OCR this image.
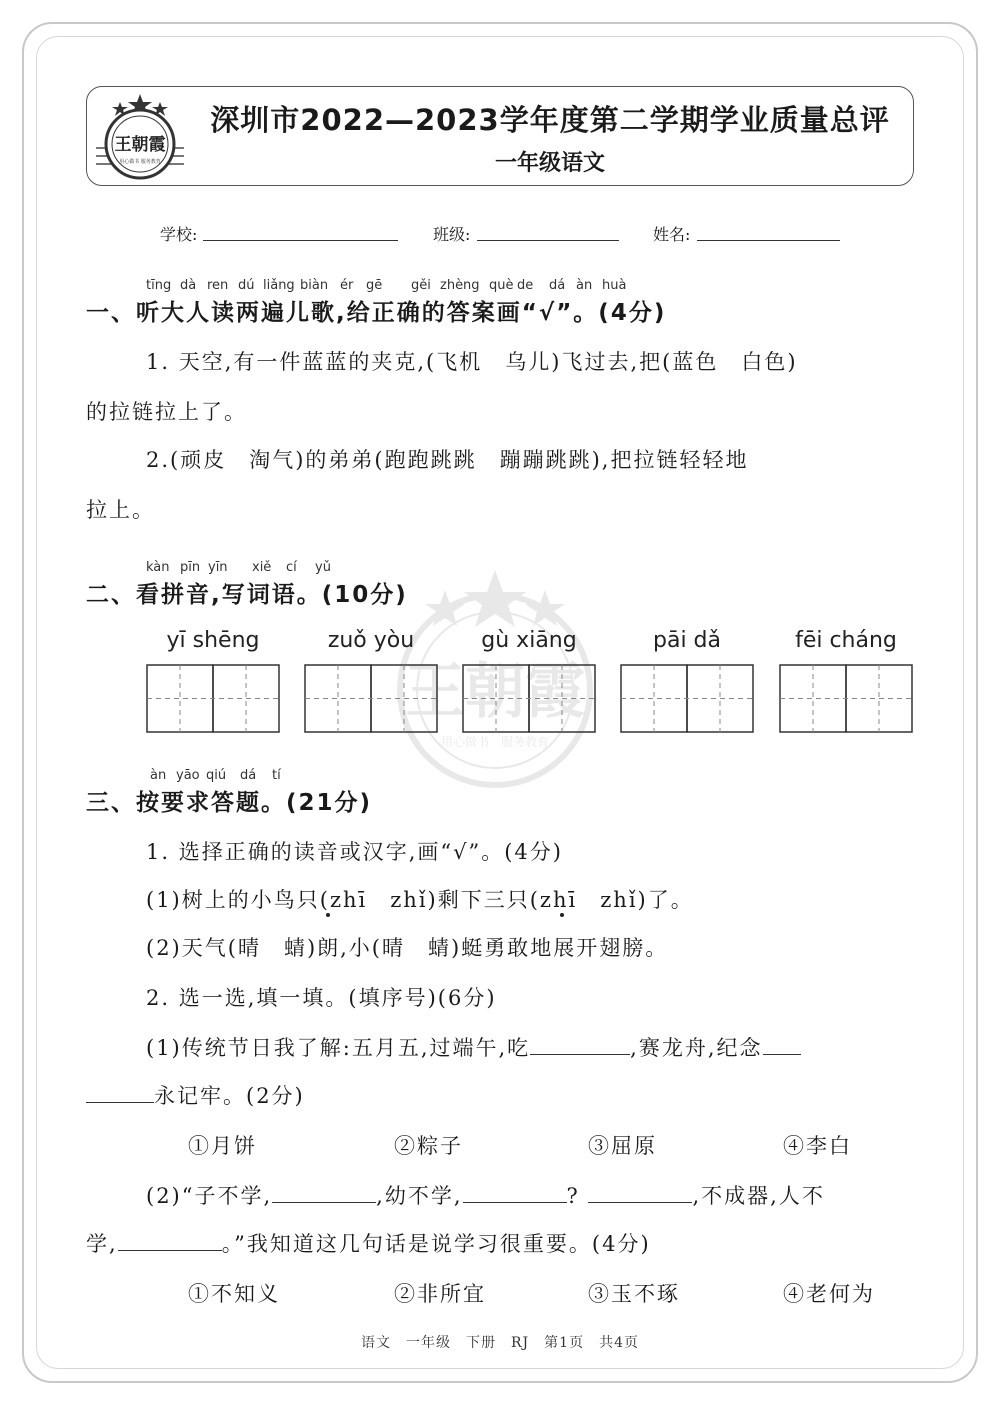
王朝霞
用心做书　服务教育
王朝霞
用心做书 服务教育
深圳市2022—2023学年度第二学期学业质量总评
一年级语文
学校:	班级:	姓名:
tīng dà ren dú liǎng biàn ér gē gěi zhèng què de dá àn huà
一、听大人读两遍儿歌,给正确的答案画“√”。(4分)
1. 天空,有一件蓝蓝的夹克,(飞机　乌儿)飞过去,把(蓝色　白色)
的拉链拉上了。
2.(顽皮　淘气)的弟弟(跑跑跳跳　蹦蹦跳跳),把拉链轻轻地
拉上。
kàn pīn yīn xiě cí yǔ
二、看拼音,写词语。(10分)
yī shēng	zuǒ yòu	gù xiāng	pāi dǎ	fēi cháng
àn yāo qiú dá tí
三、按要求答题。(21分)
1. 选择正确的读音或汉字,画“√”。(4分)
(1)树上的小鸟只(zhī　zhǐ)剩下三只(zhī　zhǐ)了。
(2)天气(晴　蜻)朗,小(晴　蜻)蜓勇敢地展开翅膀。
2. 选一选,填一填。(填序号)(6分)
(1)传统节日我了解:五月五,过端午,吃	,赛龙舟,纪念
永记牢。(2分)
①月饼	②粽子	③屈原	④李白
(2)“子不学,	,幼不学,	?	,不成器,人不
学,	。”我知道这几句话是说学习很重要。(4分)
①不知义	②非所宜	③玉不琢	④老何为
语文　一年级　下册　RJ　第1页　共4页
